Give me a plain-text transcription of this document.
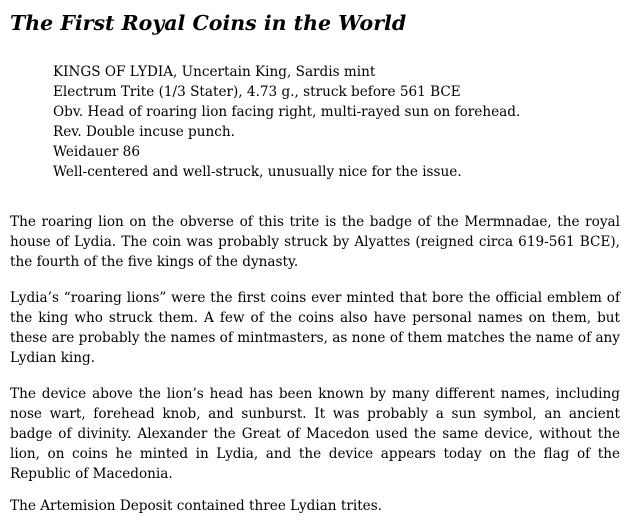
The First Royal Coins in the World
KINGS OF LYDIA, Uncertain King, Sardis mint
Electrum Trite (1/3 Stater), 4.73 g., struck before 561 BCE
Obv. Head of roaring lion facing right, multi-rayed sun on forehead.
Rev. Double incuse punch.
Weidauer 86
Well-centered and well-struck, unusually nice for the issue.

The roaring lion on the obverse of this trite is the badge of the Mermnadae, the royal house of Lydia. The coin was probably struck by Alyattes (reigned circa 619-561 BCE), the fourth of the five kings of the dynasty.

Lydia’s “roaring lions” were the first coins ever minted that bore the official emblem of the king who struck them. A few of the coins also have personal names on them, but these are probably the names of mintmasters, as none of them matches the name of any Lydian king.

The device above the lion’s head has been known by many different names, including nose wart, forehead knob, and sunburst. It was probably a sun symbol, an ancient badge of divinity. Alexander the Great of Macedon used the same device, without the lion, on coins he minted in Lydia, and the device appears today on the flag of the Republic of Macedonia.

The Artemision Deposit contained three Lydian trites.
